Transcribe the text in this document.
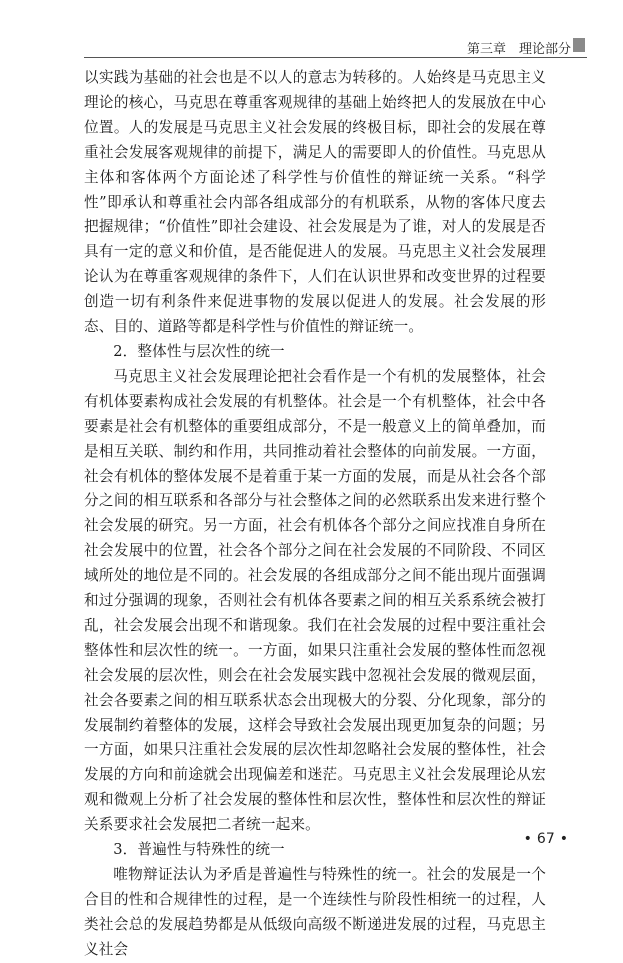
第三章　理论部分

以实践为基础的社会也是不以人的意志为转移的。人始终是马克思主义理论的核心，马克思在尊重客观规律的基础上始终把人的发展放在中心位置。人的发展是马克思主义社会发展的终极目标，即社会的发展在尊重社会发展客观规律的前提下，满足人的需要即人的价值性。马克思从主体和客体两个方面论述了科学性与价值性的辩证统一关系。“科学性”即承认和尊重社会内部各组成部分的有机联系，从物的客体尺度去把握规律；“价值性”即社会建设、社会发展是为了谁，对人的发展是否具有一定的意义和价值，是否能促进人的发展。马克思主义社会发展理论认为在尊重客观规律的条件下，人们在认识世界和改变世界的过程要创造一切有利条件来促进事物的发展以促进人的发展。社会发展的形态、目的、道路等都是科学性与价值性的辩证统一。

2．整体性与层次性的统一

马克思主义社会发展理论把社会看作是一个有机的发展整体，社会有机体要素构成社会发展的有机整体。社会是一个有机整体，社会中各要素是社会有机整体的重要组成部分，不是一般意义上的简单叠加，而是相互关联、制约和作用，共同推动着社会整体的向前发展。一方面，社会有机体的整体发展不是着重于某一方面的发展，而是从社会各个部分之间的相互联系和各部分与社会整体之间的必然联系出发来进行整个社会发展的研究。另一方面，社会有机体各个部分之间应找准自身所在社会发展中的位置，社会各个部分之间在社会发展的不同阶段、不同区域所处的地位是不同的。社会发展的各组成部分之间不能出现片面强调和过分强调的现象，否则社会有机体各要素之间的相互关系系统会被打乱，社会发展会出现不和谐现象。我们在社会发展的过程中要注重社会整体性和层次性的统一。一方面，如果只注重社会发展的整体性而忽视社会发展的层次性，则会在社会发展实践中忽视社会发展的微观层面，社会各要素之间的相互联系状态会出现极大的分裂、分化现象，部分的发展制约着整体的发展，这样会导致社会发展出现更加复杂的问题；另一方面，如果只注重社会发展的层次性却忽略社会发展的整体性，社会发展的方向和前途就会出现偏差和迷茫。马克思主义社会发展理论从宏观和微观上分析了社会发展的整体性和层次性，整体性和层次性的辩证关系要求社会发展把二者统一起来。

3．普遍性与特殊性的统一

唯物辩证法认为矛盾是普遍性与特殊性的统一。社会的发展是一个合目的性和合规律性的过程，是一个连续性与阶段性相统一的过程，人类社会总的发展趋势都是从低级向高级不断递进发展的过程，马克思主义社会

• 67 •
